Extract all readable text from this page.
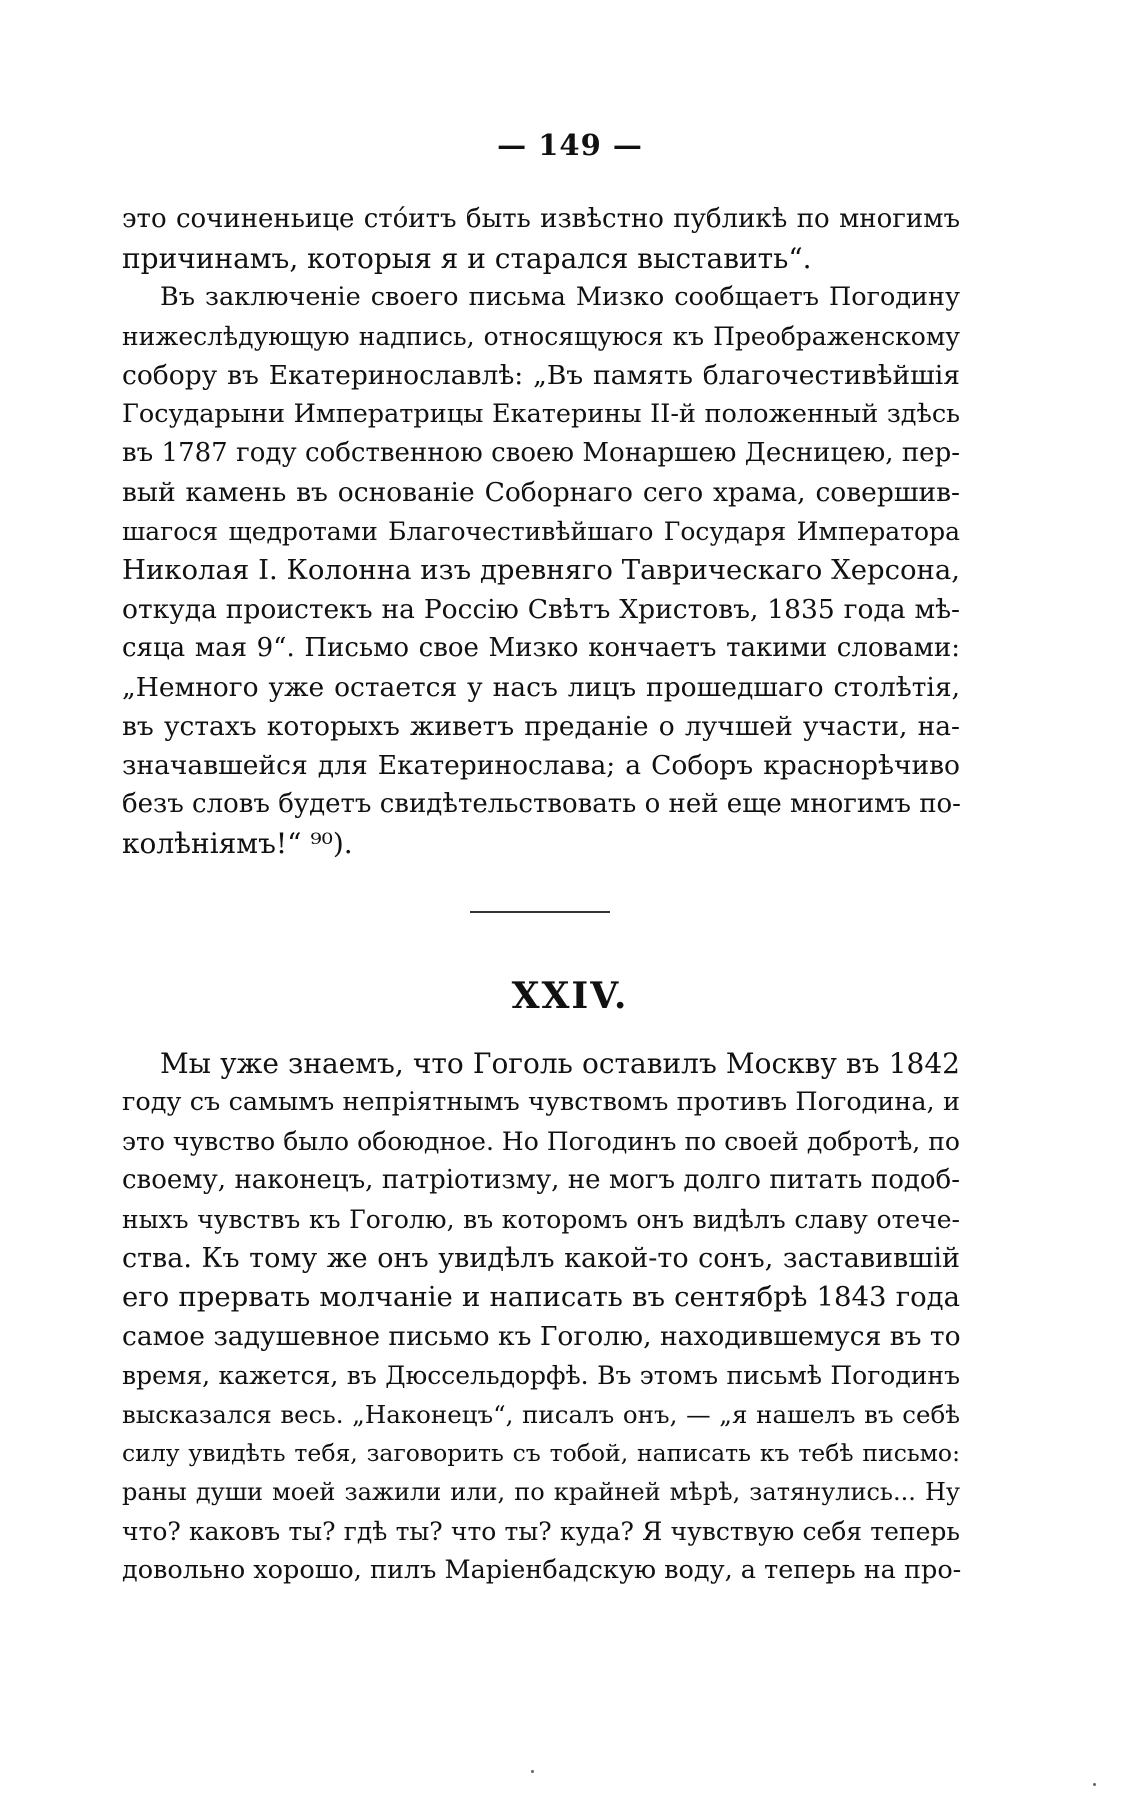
— 149 —
это сочиненьице стóитъ быть извѣстно публикѣ по многимъ
причинамъ, которыя я и старался выставить“.
Въ заключеніе своего письма Мизко сообщаетъ Погодину
нижеслѣдующую надпись, относящуюся къ Преображенскому
собору въ Екатеринославлѣ: „Въ память благочестивѣйшія
Государыни Императрицы Екатерины II-й положенный здѣсь
въ 1787 году собственною своею Монаршею Десницею, пер-
вый камень въ основаніе Соборнаго сего храма, совершив-
шагося щедротами Благочестивѣйшаго Государя Императора
Николая I. Колонна изъ древняго Таврическаго Херсона,
откуда проистекъ на Россію Свѣтъ Христовъ, 1835 года мѣ-
сяца мая 9“. Письмо свое Мизко кончаетъ такими словами:
„Немного уже остается у насъ лицъ прошедшаго столѣтія,
въ устахъ которыхъ живетъ преданіе о лучшей участи, на-
значавшейся для Екатеринослава; а Соборъ краснорѣчиво
безъ словъ будетъ свидѣтельствовать о ней еще многимъ по-
колѣніямъ!“ ⁹⁰).
XXIV.
Мы уже знаемъ, что Гоголь оставилъ Москву въ 1842
году съ самымъ непріятнымъ чувствомъ противъ Погодина, и
это чувство было обоюдное. Но Погодинъ по своей добротѣ, по
своему, наконецъ, патріотизму, не могъ долго питать подоб-
ныхъ чувствъ къ Гоголю, въ которомъ онъ видѣлъ славу отече-
ства. Къ тому же онъ увидѣлъ какой-то сонъ, заставившій
его прервать молчаніе и написать въ сентябрѣ 1843 года
самое задушевное письмо къ Гоголю, находившемуся въ то
время, кажется, въ Дюссельдорфѣ. Въ этомъ письмѣ Погодинъ
высказался весь. „Наконецъ“, писалъ онъ, — „я нашелъ въ себѣ
силу увидѣть тебя, заговорить съ тобой, написать къ тебѣ письмо:
раны души моей зажили или, по крайней мѣрѣ, затянулись... Ну
что? каковъ ты? гдѣ ты? что ты? куда? Я чувствую себя теперь
довольно хорошо, пилъ Маріенбадскую воду, а теперь на про-
